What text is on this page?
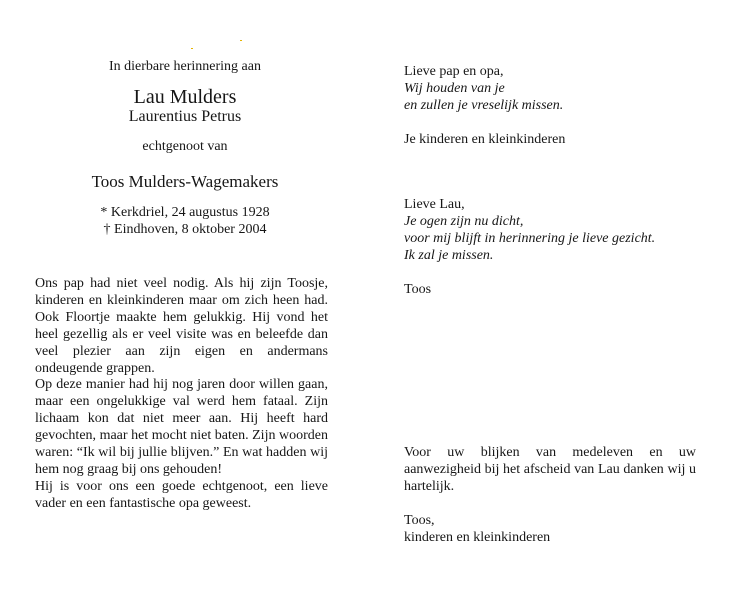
In dierbare herinnering aan
Lau Mulders
Laurentius Petrus
echtgenoot van
Toos Mulders-Wagemakers
* Kerkdriel, 24 augustus 1928
† Eindhoven, 8 oktober 2004

Ons pap had niet veel nodig. Als hij zijn Toosje, kinderen en kleinkinderen maar om zich heen had. Ook Floortje maakte hem gelukkig. Hij vond het heel gezellig als er veel visite was en beleefde dan veel plezier aan zijn eigen en andermans ondeugende grappen.

Op deze manier had hij nog jaren door willen gaan, maar een ongelukkige val werd hem fataal. Zijn lichaam kon dat niet meer aan. Hij heeft hard gevochten, maar het mocht niet baten. Zijn woorden waren: “Ik wil bij jullie blijven.” En wat hadden wij hem nog graag bij ons gehouden!

Hij is voor ons een goede echtgenoot, een lieve vader en een fantastische opa geweest.

Lieve pap en opa,

Wij houden van je

en zullen je vreselijk missen.

Je kinderen en kleinkinderen

Lieve Lau,

Je ogen zijn nu dicht,

voor mij blijft in herinnering je lieve gezicht.

Ik zal je missen.

Toos

Voor uw blijken van medeleven en uw aanwezigheid bij het afscheid van Lau danken wij u hartelijk.

Toos,

kinderen en kleinkinderen
